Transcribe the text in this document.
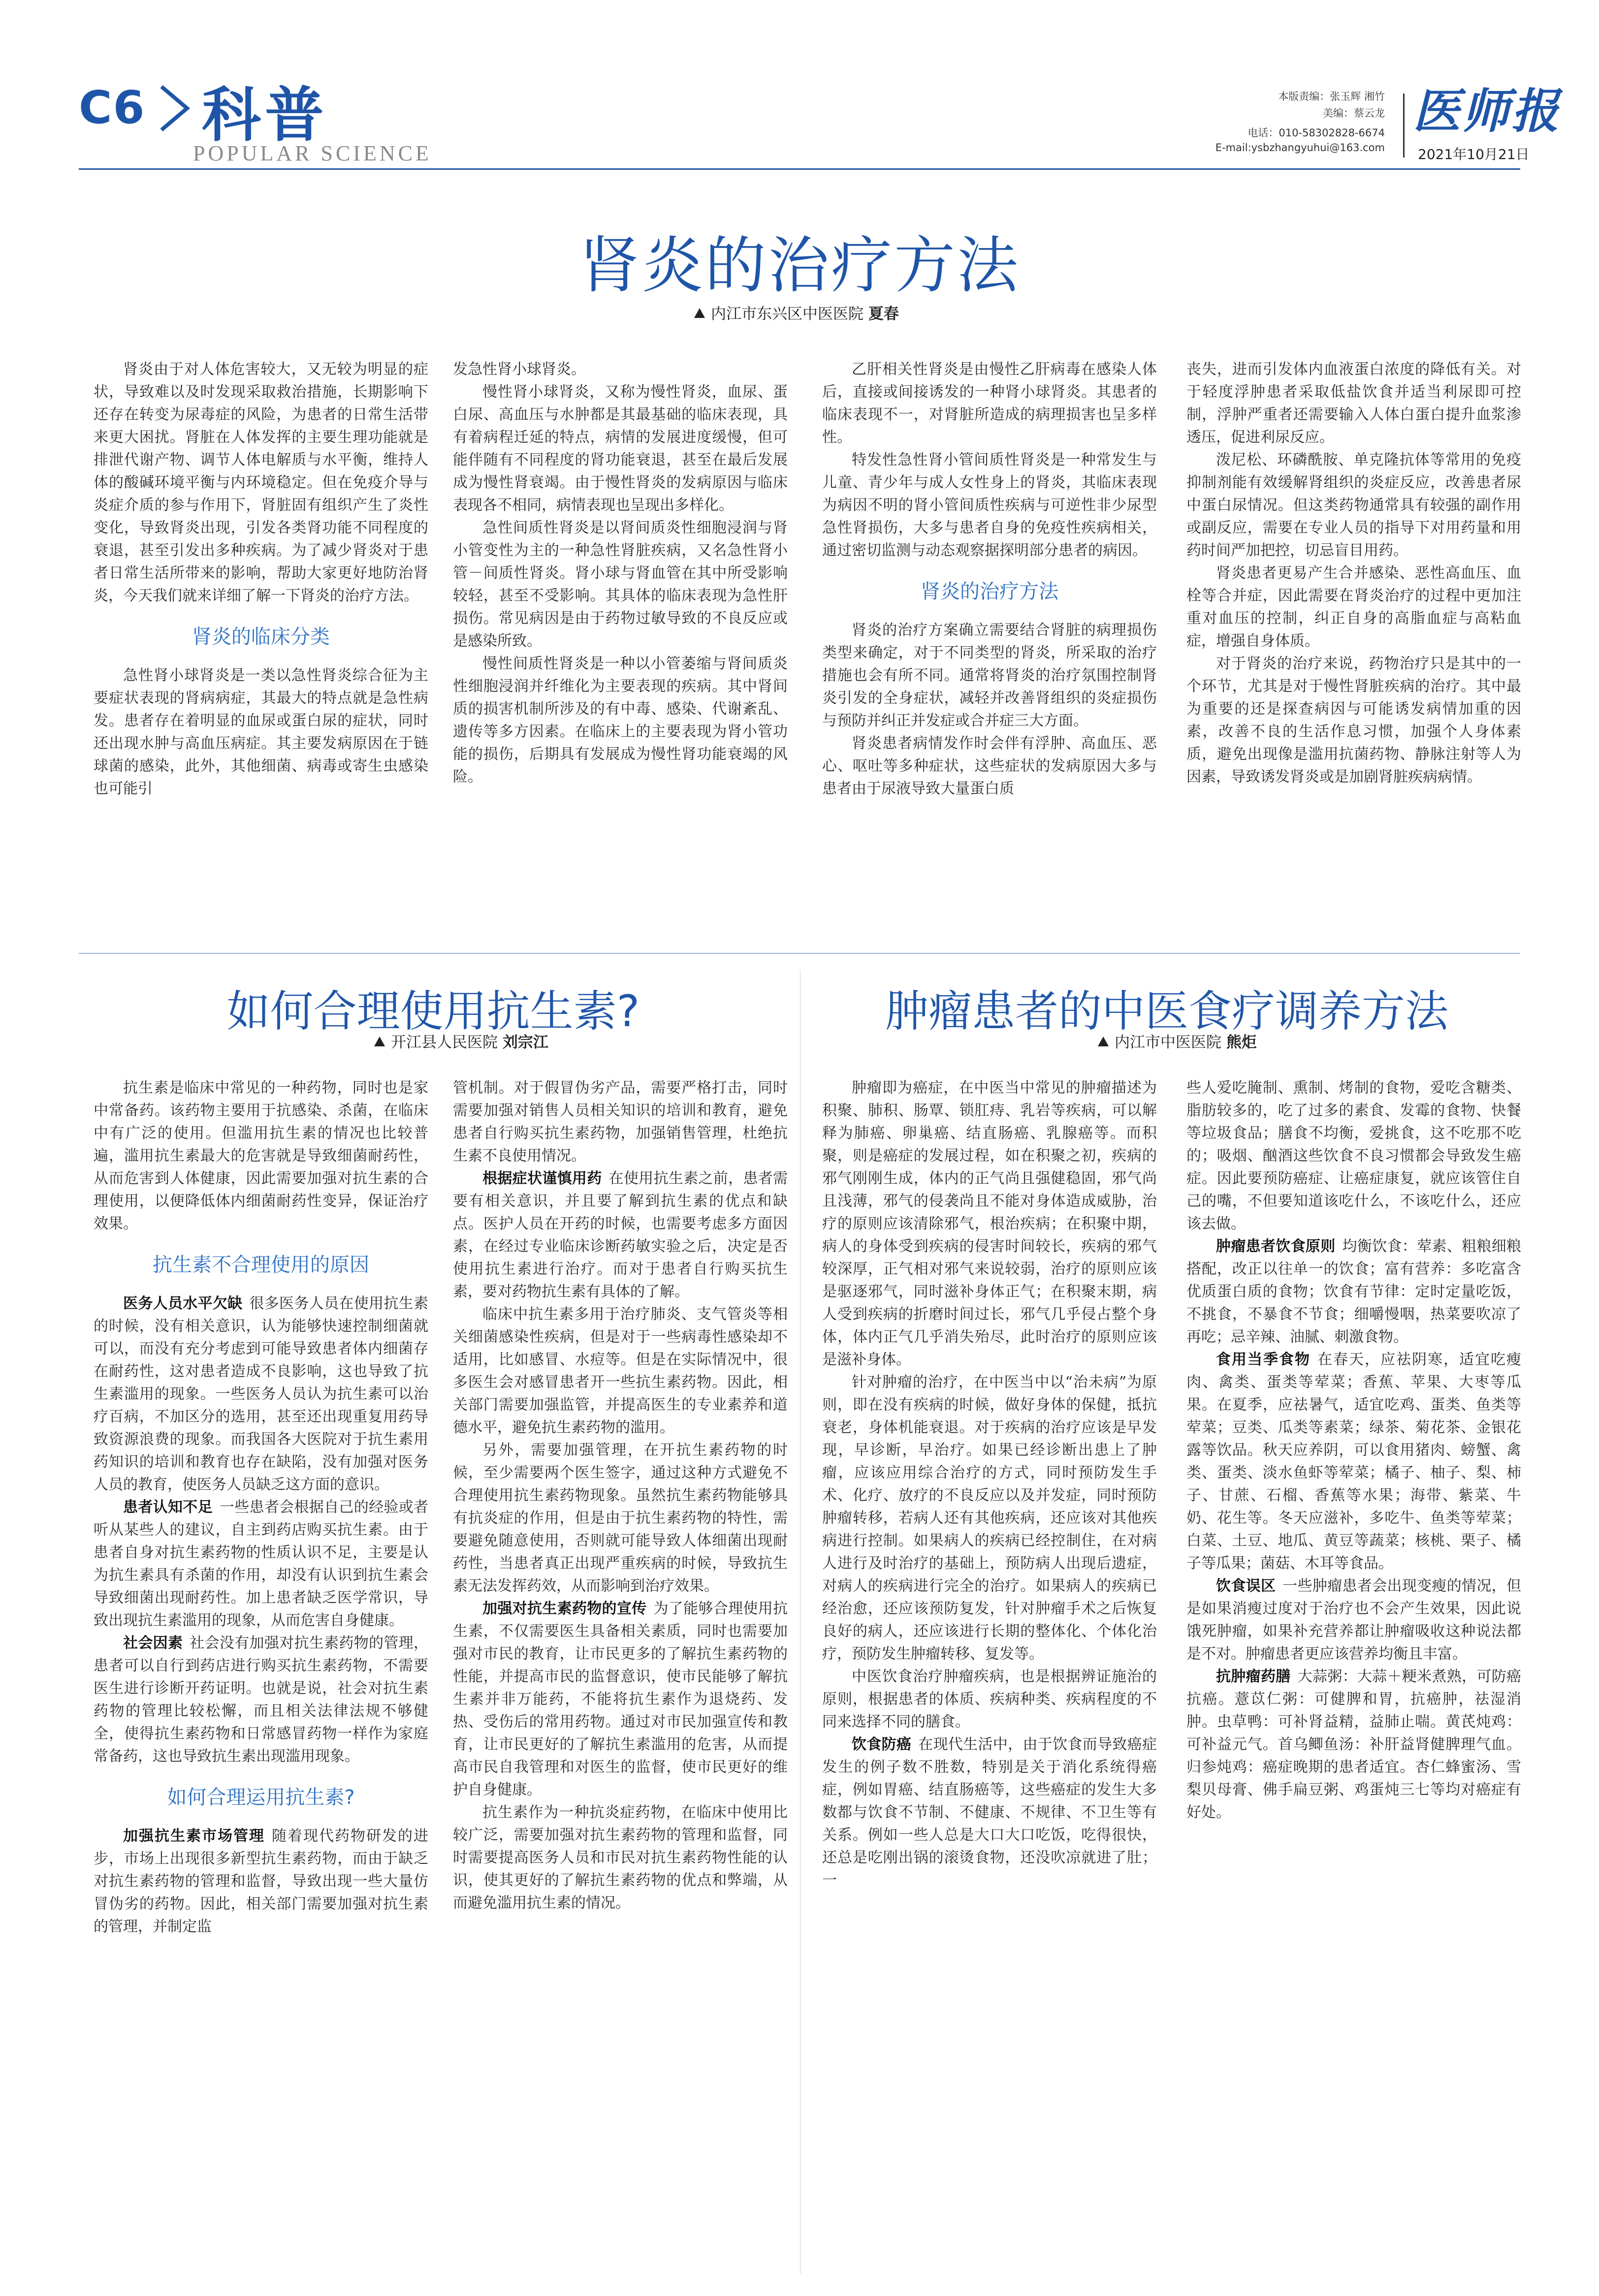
C6 科普
POPULAR SCIENCE
本版责编：张玉辉 湘竹
美编：蔡云龙
电话：010-58302828-6674
E-mail:ysbzhangyuhui@163.com
医师报
2021年10月21日
肾炎的治疗方法
内江市东兴区中医医院 夏春

肾炎由于对人体危害较大，又无较为明显的症状，导致难以及时发现采取救治措施，长期影响下还存在转变为尿毒症的风险，为患者的日常生活带来更大困扰。肾脏在人体发挥的主要生理功能就是排泄代谢产物、调节人体电解质与水平衡，维持人体的酸碱环境平衡与内环境稳定。但在免疫介导与炎症介质的参与作用下，肾脏固有组织产生了炎性变化，导致肾炎出现，引发各类肾功能不同程度的衰退，甚至引发出多种疾病。为了减少肾炎对于患者日常生活所带来的影响，帮助大家更好地防治肾炎，今天我们就来详细了解一下肾炎的治疗方法。

肾炎的临床分类

急性肾小球肾炎是一类以急性肾炎综合征为主要症状表现的肾病病症，其最大的特点就是急性病发。患者存在着明显的血尿或蛋白尿的症状，同时还出现水肿与高血压病症。其主要发病原因在于链球菌的感染，此外，其他细菌、病毒或寄生虫感染也可能引

发急性肾小球肾炎。

慢性肾小球肾炎，又称为慢性肾炎，血尿、蛋白尿、高血压与水肿都是其最基础的临床表现，具有着病程迁延的特点，病情的发展进度缓慢，但可能伴随有不同程度的肾功能衰退，甚至在最后发展成为慢性肾衰竭。由于慢性肾炎的发病原因与临床表现各不相同，病情表现也呈现出多样化。

急性间质性肾炎是以肾间质炎性细胞浸润与肾小管变性为主的一种急性肾脏疾病，又名急性肾小管－间质性肾炎。肾小球与肾血管在其中所受影响较轻，甚至不受影响。其具体的临床表现为急性肝损伤。常见病因是由于药物过敏导致的不良反应或是感染所致。

慢性间质性肾炎是一种以小管萎缩与肾间质炎性细胞浸润并纤维化为主要表现的疾病。其中肾间质的损害机制所涉及的有中毒、感染、代谢紊乱、遗传等多方因素。在临床上的主要表现为肾小管功能的损伤，后期具有发展成为慢性肾功能衰竭的风险。

乙肝相关性肾炎是由慢性乙肝病毒在感染人体后，直接或间接诱发的一种肾小球肾炎。其患者的临床表现不一，对肾脏所造成的病理损害也呈多样性。

特发性急性肾小管间质性肾炎是一种常发生与儿童、青少年与成人女性身上的肾炎，其临床表现为病因不明的肾小管间质性疾病与可逆性非少尿型急性肾损伤，大多与患者自身的免疫性疾病相关，通过密切监测与动态观察据探明部分患者的病因。

肾炎的治疗方法

肾炎的治疗方案确立需要结合肾脏的病理损伤类型来确定，对于不同类型的肾炎，所采取的治疗措施也会有所不同。通常将肾炎的治疗氛围控制肾炎引发的全身症状，减轻并改善肾组织的炎症损伤与预防并纠正并发症或合并症三大方面。

肾炎患者病情发作时会伴有浮肿、高血压、恶心、呕吐等多种症状，这些症状的发病原因大多与患者由于尿液导致大量蛋白质

丧失，进而引发体内血液蛋白浓度的降低有关。对于轻度浮肿患者采取低盐饮食并适当利尿即可控制，浮肿严重者还需要输入人体白蛋白提升血浆渗透压，促进利尿反应。

泼尼松、环磷酰胺、单克隆抗体等常用的免疫抑制剂能有效缓解肾组织的炎症反应，改善患者尿中蛋白尿情况。但这类药物通常具有较强的副作用或副反应，需要在专业人员的指导下对用药量和用药时间严加把控，切忌盲目用药。

肾炎患者更易产生合并感染、恶性高血压、血栓等合并症，因此需要在肾炎治疗的过程中更加注重对血压的控制，纠正自身的高脂血症与高粘血症，增强自身体质。

对于肾炎的治疗来说，药物治疗只是其中的一个环节，尤其是对于慢性肾脏疾病的治疗。其中最为重要的还是探查病因与可能诱发病情加重的因素，改善不良的生活作息习惯，加强个人身体素质，避免出现像是滥用抗菌药物、静脉注射等人为因素，导致诱发肾炎或是加剧肾脏疾病病情。

如何合理使用抗生素?
开江县人民医院 刘宗江

抗生素是临床中常见的一种药物，同时也是家中常备药。该药物主要用于抗感染、杀菌，在临床中有广泛的使用。但滥用抗生素的情况也比较普遍，滥用抗生素最大的危害就是导致细菌耐药性，从而危害到人体健康，因此需要加强对抗生素的合理使用，以便降低体内细菌耐药性变异，保证治疗效果。

抗生素不合理使用的原因

医务人员水平欠缺 很多医务人员在使用抗生素的时候，没有相关意识，认为能够快速控制细菌就可以，而没有充分考虑到可能导致患者体内细菌存在耐药性，这对患者造成不良影响，这也导致了抗生素滥用的现象。一些医务人员认为抗生素可以治疗百病，不加区分的选用，甚至还出现重复用药导致资源浪费的现象。而我国各大医院对于抗生素用药知识的培训和教育也存在缺陷，没有加强对医务人员的教育，使医务人员缺乏这方面的意识。

患者认知不足 一些患者会根据自己的经验或者听从某些人的建议，自主到药店购买抗生素。由于患者自身对抗生素药物的性质认识不足，主要是认为抗生素具有杀菌的作用，却没有认识到抗生素会导致细菌出现耐药性。加上患者缺乏医学常识，导致出现抗生素滥用的现象，从而危害自身健康。

社会因素 社会没有加强对抗生素药物的管理，患者可以自行到药店进行购买抗生素药物，不需要医生进行诊断开药证明。也就是说，社会对抗生素药物的管理比较松懈，而且相关法律法规不够健全，使得抗生素药物和日常感冒药物一样作为家庭常备药，这也导致抗生素出现滥用现象。

如何合理运用抗生素?

加强抗生素市场管理 随着现代药物研发的进步，市场上出现很多新型抗生素药物，而由于缺乏对抗生素药物的管理和监督，导致出现一些大量仿冒伪劣的药物。因此，相关部门需要加强对抗生素的管理，并制定监

管机制。对于假冒伪劣产品，需要严格打击，同时需要加强对销售人员相关知识的培训和教育，避免患者自行购买抗生素药物，加强销售管理，杜绝抗生素不良使用情况。

根据症状谨慎用药 在使用抗生素之前，患者需要有相关意识，并且要了解到抗生素的优点和缺点。医护人员在开药的时候，也需要考虑多方面因素，在经过专业临床诊断药敏实验之后，决定是否使用抗生素进行治疗。而对于患者自行购买抗生素，要对药物抗生素有具体的了解。

临床中抗生素多用于治疗肺炎、支气管炎等相关细菌感染性疾病，但是对于一些病毒性感染却不适用，比如感冒、水痘等。但是在实际情况中，很多医生会对感冒患者开一些抗生素药物。因此，相关部门需要加强监管，并提高医生的专业素养和道德水平，避免抗生素药物的滥用。

另外，需要加强管理，在开抗生素药物的时候，至少需要两个医生签字，通过这种方式避免不合理使用抗生素药物现象。虽然抗生素药物能够具有抗炎症的作用，但是由于抗生素药物的特性，需要避免随意使用，否则就可能导致人体细菌出现耐药性，当患者真正出现严重疾病的时候，导致抗生素无法发挥药效，从而影响到治疗效果。

加强对抗生素药物的宣传 为了能够合理使用抗生素，不仅需要医生具备相关素质，同时也需要加强对市民的教育，让市民更多的了解抗生素药物的性能，并提高市民的监督意识，使市民能够了解抗生素并非万能药，不能将抗生素作为退烧药、发热、受伤后的常用药物。通过对市民加强宣传和教育，让市民更好的了解抗生素滥用的危害，从而提高市民自我管理和对医生的监督，使市民更好的维护自身健康。

抗生素作为一种抗炎症药物，在临床中使用比较广泛，需要加强对抗生素药物的管理和监督，同时需要提高医务人员和市民对抗生素药物性能的认识，使其更好的了解抗生素药物的优点和弊端，从而避免滥用抗生素的情况。

肿瘤患者的中医食疗调养方法
内江市中医医院 熊炬

肿瘤即为癌症，在中医当中常见的肿瘤描述为积聚、肺积、肠覃、锁肛痔、乳岩等疾病，可以解释为肺癌、卵巢癌、结直肠癌、乳腺癌等。而积聚，则是癌症的发展过程，如在积聚之初，疾病的邪气刚刚生成，体内的正气尚且强健稳固，邪气尚且浅薄，邪气的侵袭尚且不能对身体造成威胁，治疗的原则应该清除邪气，根治疾病；在积聚中期，病人的身体受到疾病的侵害时间较长，疾病的邪气较深厚，正气相对邪气来说较弱，治疗的原则应该是驱逐邪气，同时滋补身体正气；在积聚末期，病人受到疾病的折磨时间过长，邪气几乎侵占整个身体，体内正气几乎消失殆尽，此时治疗的原则应该是滋补身体。

针对肿瘤的治疗，在中医当中以“治未病”为原则，即在没有疾病的时候，做好身体的保健，抵抗衰老，身体机能衰退。对于疾病的治疗应该是早发现，早诊断，早治疗。如果已经诊断出患上了肿瘤，应该应用综合治疗的方式，同时预防发生手术、化疗、放疗的不良反应以及并发症，同时预防肿瘤转移，若病人还有其他疾病，还应该对其他疾病进行控制。如果病人的疾病已经控制住，在对病人进行及时治疗的基础上，预防病人出现后遗症，对病人的疾病进行完全的治疗。如果病人的疾病已经治愈，还应该预防复发，针对肿瘤手术之后恢复良好的病人，还应该进行长期的整体化、个体化治疗，预防发生肿瘤转移、复发等。

中医饮食治疗肿瘤疾病，也是根据辨证施治的原则，根据患者的体质、疾病种类、疾病程度的不同来选择不同的膳食。

饮食防癌 在现代生活中，由于饮食而导致癌症发生的例子数不胜数，特别是关于消化系统得癌症，例如胃癌、结直肠癌等，这些癌症的发生大多数都与饮食不节制、不健康、不规律、不卫生等有关系。例如一些人总是大口大口吃饭，吃得很快，还总是吃刚出锅的滚烫食物，还没吹凉就进了肚；一

些人爱吃腌制、熏制、烤制的食物，爱吃含糖类、脂肪较多的，吃了过多的素食、发霉的食物、快餐等垃圾食品；膳食不均衡，爱挑食，这不吃那不吃的；吸烟、酗酒这些饮食不良习惯都会导致发生癌症。因此要预防癌症、让癌症康复，就应该管住自己的嘴，不但要知道该吃什么，不该吃什么，还应该去做。

肿瘤患者饮食原则 均衡饮食：荤素、粗粮细粮搭配，改正以往单一的饮食；富有营养：多吃富含优质蛋白质的食物；饮食有节律：定时定量吃饭，不挑食，不暴食不节食；细嚼慢咽，热菜要吹凉了再吃；忌辛辣、油腻、刺激食物。

食用当季食物 在春天，应祛阴寒，适宜吃瘦肉、禽类、蛋类等荤菜；香蕉、苹果、大枣等瓜果。在夏季，应祛暑气，适宜吃鸡、蛋类、鱼类等荤菜；豆类、瓜类等素菜；绿茶、菊花茶、金银花露等饮品。秋天应养阴，可以食用猪肉、螃蟹、禽类、蛋类、淡水鱼虾等荤菜；橘子、柚子、梨、柿子、甘蔗、石榴、香蕉等水果；海带、紫菜、牛奶、花生等。冬天应滋补，多吃牛、鱼类等荤菜；白菜、土豆、地瓜、黄豆等蔬菜；核桃、栗子、橘子等瓜果；菌菇、木耳等食品。

饮食误区 一些肿瘤患者会出现变瘦的情况，但是如果消瘦过度对于治疗也不会产生效果，因此说饿死肿瘤，如果补充营养都让肿瘤吸收这种说法都是不对。肿瘤患者更应该营养均衡且丰富。

抗肿瘤药膳 大蒜粥：大蒜＋粳米煮熟，可防癌抗癌。薏苡仁粥：可健脾和胃，抗癌肿，祛湿消肿。虫草鸭：可补肾益精，益肺止喘。黄芪炖鸡：可补益元气。首乌鲫鱼汤：补肝益肾健脾理气血。归参炖鸡：癌症晚期的患者适宜。杏仁蜂蜜汤、雪梨贝母膏、佛手扁豆粥、鸡蛋炖三七等均对癌症有好处。
